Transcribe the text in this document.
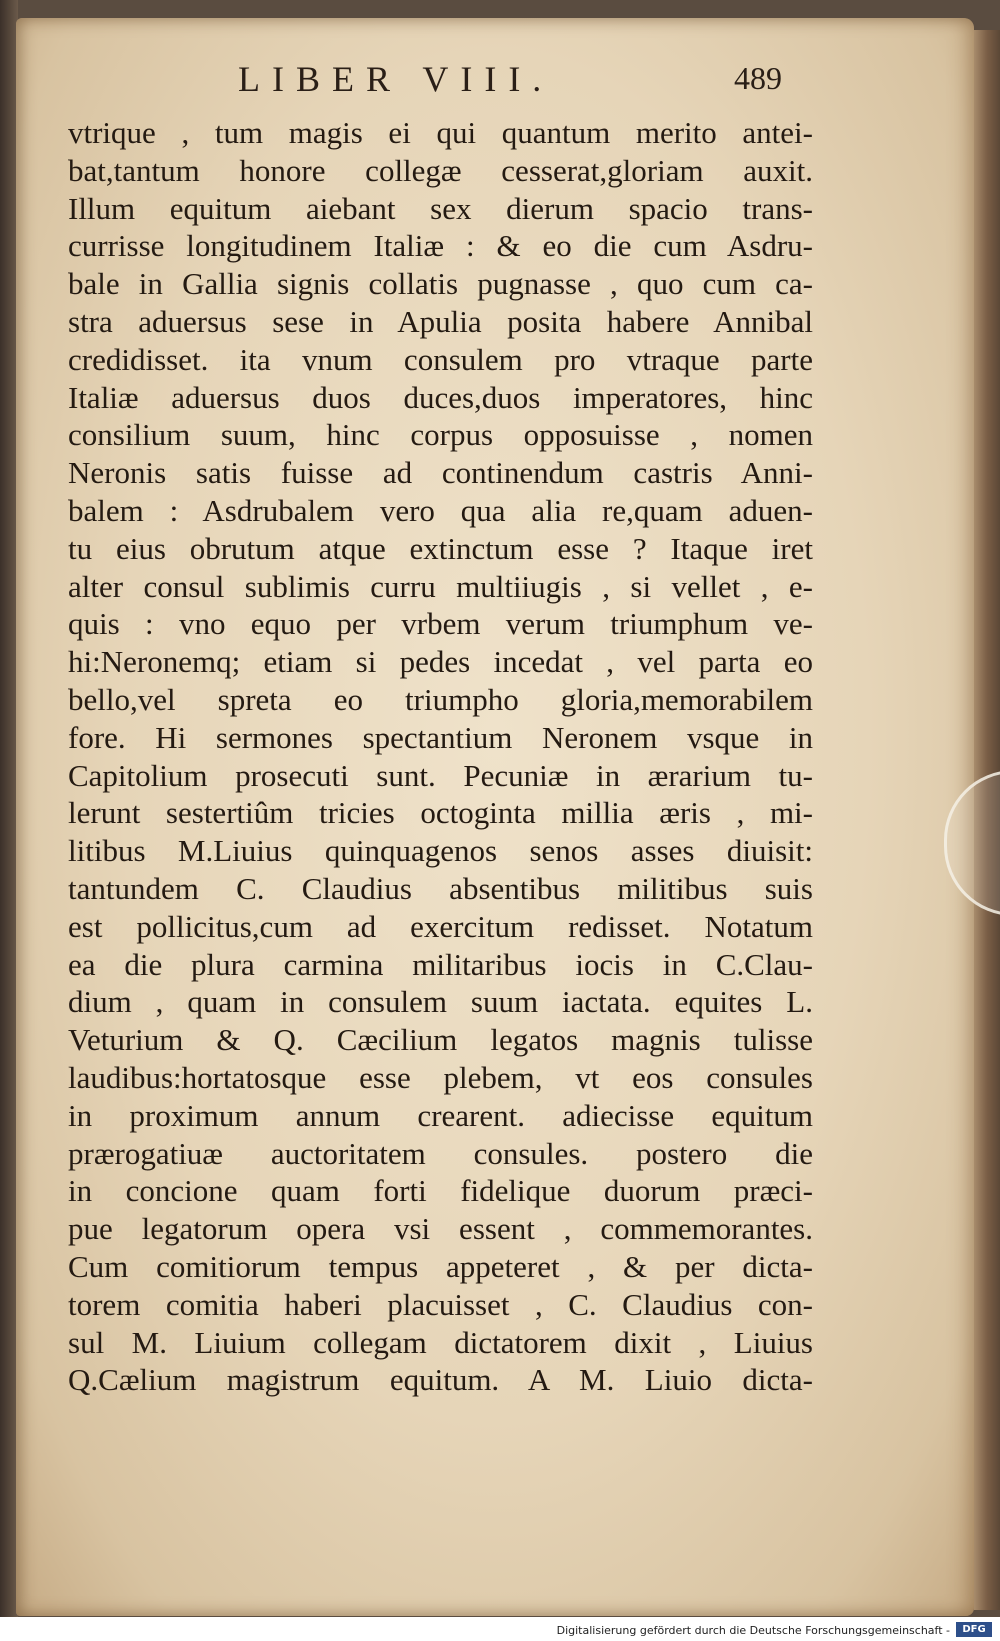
LIBER VIII.	489
vtrique , tum magis ei qui quantum merito antei-
bat,tantum honore collegæ cesserat,gloriam auxit.
Illum equitum aiebant sex dierum spacio trans-
currisse longitudinem Italiæ : & eo die cum Asdru-
bale in Gallia signis collatis pugnasse , quo cum ca-
stra aduersus sese in Apulia posita habere Annibal
credidisset. ita vnum consulem pro vtraque parte
Italiæ aduersus duos duces,duos imperatores, hinc
consilium suum, hinc corpus opposuisse , nomen
Neronis satis fuisse ad continendum castris Anni-
balem : Asdrubalem vero qua alia re,quam aduen-
tu eius obrutum atque extinctum esse ? Itaque iret
alter consul sublimis curru multiiugis , si vellet , e-
quis : vno equo per vrbem verum triumphum ve-
hi:Neronemq; etiam si pedes incedat , vel parta eo
bello,vel spreta eo triumpho gloria,memorabilem
fore. Hi sermones spectantium Neronem vsque in
Capitolium prosecuti sunt. Pecuniæ in ærarium tu-
lerunt sestertiûm tricies octoginta millia æris , mi-
litibus M.Liuius quinquagenos senos asses diuisit:
tantundem C. Claudius absentibus militibus suis
est pollicitus,cum ad exercitum redisset. Notatum
ea die plura carmina militaribus iocis in C.Clau-
dium , quam in consulem suum iactata. equites L.
Veturium & Q. Cæcilium legatos magnis tulisse
laudibus:hortatosque esse plebem, vt eos consules
in proximum annum crearent. adiecisse equitum
prærogatiuæ auctoritatem consules. postero die
in concione quam forti fidelique duorum præci-
pue legatorum opera vsi essent , commemorantes.
Cum comitiorum tempus appeteret , & per dicta-
torem comitia haberi placuisset , C. Claudius con-
sul M. Liuium collegam dictatorem dixit , Liuius
Q.Cælium magistrum equitum. A M. Liuio dicta-
Digitalisierung gefördert durch die Deutsche Forschungsgemeinschaft -	DFG
